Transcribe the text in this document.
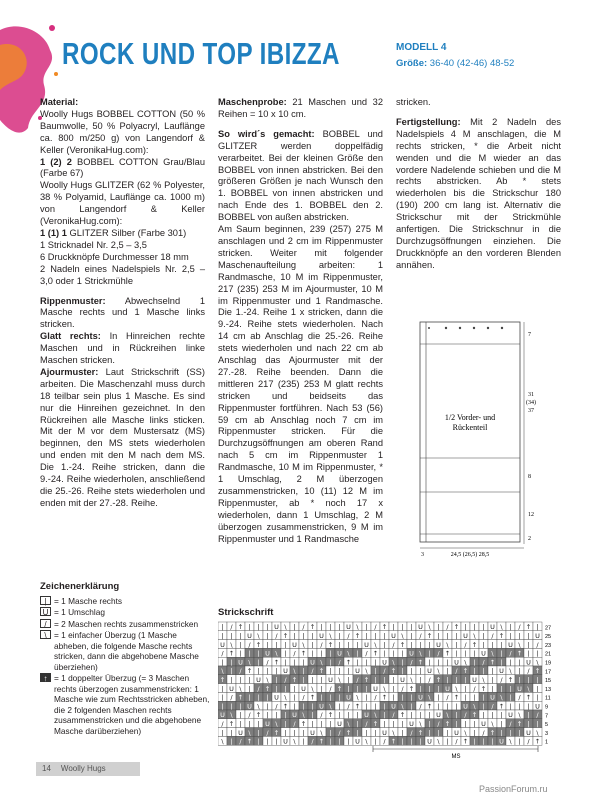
ROCK UND TOP IBIZZA	MODELL 4
Größe: 36-40 (42-46) 48-52

Material:
Woolly Hugs BOBBEL COTTON (50 % Baumwolle, 50 % Polyacryl, Lauflänge ca. 800 m/250 g) von Langendorf & Keller (VeronikaHug.com):
1 (2) 2 BOBBEL COTTON Grau/Blau (Farbe 67)
Woolly Hugs GLITZER (62 % Polyester, 38 % Polyamid, Lauflänge ca. 1000 m) von Langendorf & Keller (VeronikaHug.com):
1 (1) 1 GLITZER Silber (Farbe 301)
1 Stricknadel Nr. 2,5 – 3,5
6 Druckknöpfe Durchmesser 18 mm
2 Nadeln eines Nadelspiels Nr. 2,5 – 3,0 oder 1 Strickmühle

Rippenmuster: Abwechselnd 1 Masche rechts und 1 Masche links stricken.
Glatt rechts: In Hinreichen rechte Maschen und in Rückreihen linke Maschen stricken.
Ajourmuster: Laut Strickschrift (SS) arbeiten. Die Maschenzahl muss durch 18 teilbar sein plus 1 Masche. Es sind nur die Hinreihen gezeichnet. In den Rückreihen alle Masche links sticken. Mit der M vor dem Mustersatz (MS) beginnen, den MS stets wiederholen und enden mit den M nach dem MS. Die 1.-24. Reihe stricken, dann die 9.-24. Reihe wiederholen, anschließend die 25.-26. Reihe stets wiederholen und enden mit der 27.-28. Reihe.

Maschenprobe: 21 Maschen und 32 Reihen = 10 x 10 cm.

So wird´s gemacht: BOBBEL und GLITZER werden doppelfädig verarbeitet. Bei der kleinen Größe den BOBBEL von innen abstricken. Bei den größeren Größen je nach Wunsch den 1. BOBBEL von innen abstricken und nach Ende des 1. BOBBEL den 2. BOBBEL von außen abstricken.
Am Saum beginnen, 239 (257) 275 M anschlagen und 2 cm im Rippenmuster stricken. Weiter mit folgender Maschenaufteilung arbeiten: 1 Randmasche, 10 M im Rippenmuster, 217 (235) 253 M im Ajourmuster, 10 M im Rippenmuster und 1 Randmasche. Die 1.-24. Reihe 1 x stricken, dann die 9.-24. Reihe stets wiederholen. Nach 14 cm ab Anschlag die 25.-26. Reihe stets wiederholen und nach 22 cm ab Anschlag das Ajourmuster mit der 27.-28. Reihe beenden. Dann die mittleren 217 (235) 253 M glatt rechts stricken und beidseits das Rippenmuster fortführen. Nach 53 (56) 59 cm ab Anschlag noch 7 cm im Rippenmuster stricken. Für die Durchzugsöffnungen am oberen Rand nach 5 cm im Rippenmuster 1 Randmasche, 10 M im Rippenmuster, * 1 Umschlag, 2 M überzogen zusammenstricken, 10 (11) 12 M im Rippenmuster, ab * noch 17 x wiederholen, dann 1 Umschlag, 2 M überzogen zusammenstricken, 9 M im Rippenmuster und 1 Randmasche

stricken.

Fertigstellung: Mit 2 Nadeln des Nadelspiels 4 M anschlagen, die M rechts stricken, * die Arbeit nicht wenden und die M wieder an das vordere Nadelende schieben und die M rechts abstricken. Ab * stets wiederholen bis die Strickschur 180 (190) 200 cm lang ist. Alternativ die Strickschur mit der Strickmühle anfertigen. Die Strickschnur in die Durchzugsöffnungen einziehen. Die Druckknöpfe an den vorderen Blenden annähen.

1/2 Vorder- und
Rückenteil
7
31
(34)
37
8
12
2
3	24,5 (26,5) 28,5
Zeichenerklärung
| = 1 Masche rechts
U = 1 Umschlag
/ = 2 Maschen rechts zusammenstricken
\ = 1 einfacher Überzug (1 Masche abheben, die folgende Masche rechts stricken, dann die abgehobene Masche überziehen)
↑ = 1 doppelter Überzug (= 3 Maschen rechts überzogen zusammenstricken: 1 Masche wie zum Rechtsstricken abheben, die 2 folgenden Maschen rechts zusammenstricken und die abgehobene Masche darüberziehen)
Strickschrift
| / ↑ | | | U \ | / ↑ | | | U \ | / ↑ | | | U \ | / ↑ | | | U \ | / ↑ |
| | | U \ | / ↑ | | | U \ | / ↑ | | | U \ | / ↑ | | | U \ | / ↑ | | | U
U \ | / ↑ | | | U \ | / ↑ | | | U \ | / ↑ | | | U \ | / ↑ | | | U \ | /
/ ↑ | | | U \ | / ↑ | | | U \ | / ↑ | | | U \ | / ↑ | | | U \ | / ↑ | |
| | U \ | / ↑ | | | U \ | / ↑ | | | U \ | / ↑ | | | U \ | / ↑ | | | U \
\ | / ↑ | | | U \ | / ↑ | | | U \ | / ↑ | | | U \ | / ↑ | | | U \ | / ↑
↑ | | | U \ | / ↑ | | | U \ | / ↑ | | | U \ | / ↑ | | | U \ | / ↑ | | |
| U \ | / ↑ | | | U \ | / ↑ | | | U \ | / ↑ | | | U \ | / ↑ | | | U \ |
| / ↑ | | | U \ | / ↑ | | | U \ | / ↑ | | | U \ | / ↑ | | | U \ | / ↑ |
| | | U \ | / ↑ | | | U \ | / ↑ | | | U \ | / ↑ | | | U \ | / ↑ | | | U
U \ | / ↑ | | | U \ | / ↑ | | | U \ | / ↑ | | | U \ | / ↑ | | | U \ | /
/ ↑ | | | U \ | / ↑ | | | U \ | / ↑ | | | U \ | / ↑ | | | U \ | / ↑ | |
| | U \ | / ↑ | | | U \ | / ↑ | | | U \ | / ↑ | | | U \ | / ↑ | | | U \
\ | / ↑ | | | U \ | / ↑ | | | U \ | / ↑ | | | U \ | / ↑ | | | U \ | / ↑
27
25
23
21
19
17
15
13
11
9
7
5
3
1
MS
14 Woolly Hugs
PassionForum.ru
